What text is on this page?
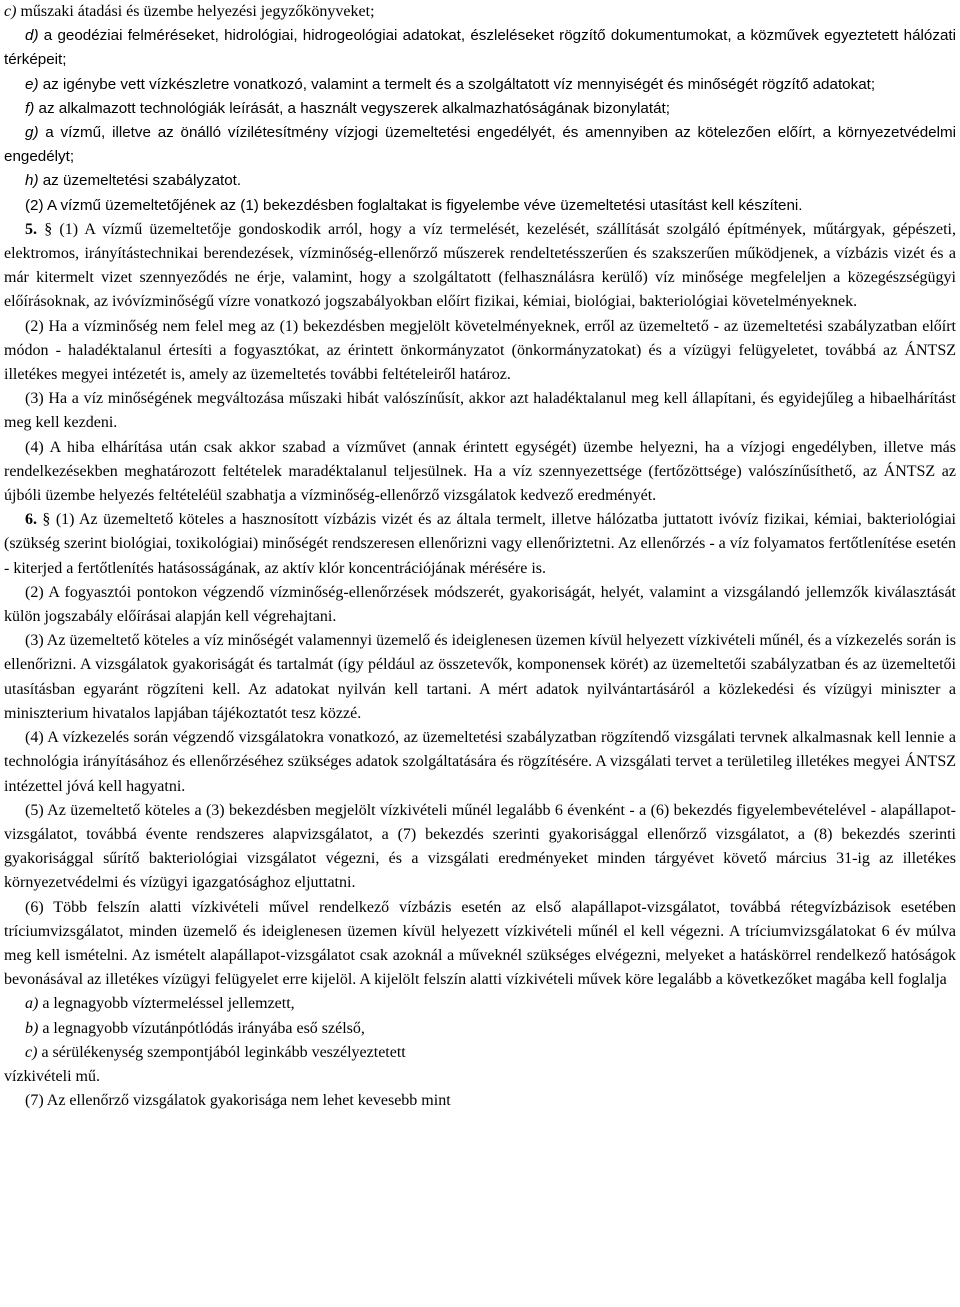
c) műszaki átadási és üzembe helyezési jegyzőkönyveket;

d) a geodéziai felméréseket, hidrológiai, hidrogeológiai adatokat, észleléseket rögzítő dokumentumokat, a közművek egyeztetett hálózati térképeit;

e) az igénybe vett vízkészletre vonatkozó, valamint a termelt és a szolgáltatott víz mennyiségét és minőségét rögzítő adatokat;

f) az alkalmazott technológiák leírását, a használt vegyszerek alkalmazhatóságának bizonylatát;

g) a vízmű, illetve az önálló vízilétesítmény vízjogi üzemeltetési engedélyét, és amennyiben az kötelezően előírt, a környezetvédelmi engedélyt;

h) az üzemeltetési szabályzatot.

(2) A vízmű üzemeltetőjének az (1) bekezdésben foglaltakat is figyelembe véve üzemeltetési utasítást kell készíteni.

5. § (1) A vízmű üzemeltetője gondoskodik arról, hogy a víz termelését, kezelését, szállítását szolgáló építmények, műtárgyak, gépészeti, elektromos, irányítástechnikai berendezések, vízminőség-ellenőrző műszerek rendeltetésszerűen és szakszerűen működjenek, a vízbázis vizét és a már kitermelt vizet szennyeződés ne érje, valamint, hogy a szolgáltatott (felhasználásra kerülő) víz minősége megfeleljen a közegészségügyi előírásoknak, az ivóvízminőségű vízre vonatkozó jogszabályokban előírt fizikai, kémiai, biológiai, bakteriológiai követelményeknek.

(2) Ha a vízminőség nem felel meg az (1) bekezdésben megjelölt követelményeknek, erről az üzemeltető - az üzemeltetési szabályzatban előírt módon - haladéktalanul értesíti a fogyasztókat, az érintett önkormányzatot (önkormányzatokat) és a vízügyi felügyeletet, továbbá az ÁNTSZ illetékes megyei intézetét is, amely az üzemeltetés további feltételeiről határoz.

(3) Ha a víz minőségének megváltozása műszaki hibát valószínűsít, akkor azt haladéktalanul meg kell állapítani, és egyidejűleg a hibaelhárítást meg kell kezdeni.

(4) A hiba elhárítása után csak akkor szabad a vízművet (annak érintett egységét) üzembe helyezni, ha a vízjogi engedélyben, illetve más rendelkezésekben meghatározott feltételek maradéktalanul teljesülnek. Ha a víz szennyezettsége (fertőzöttsége) valószínűsíthető, az ÁNTSZ az újbóli üzembe helyezés feltételéül szabhatja a vízminőség-ellenőrző vizsgálatok kedvező eredményét.

6. § (1) Az üzemeltető köteles a hasznosított vízbázis vizét és az általa termelt, illetve hálózatba juttatott ivóvíz fizikai, kémiai, bakteriológiai (szükség szerint biológiai, toxikológiai) minőségét rendszeresen ellenőrizni vagy ellenőriztetni. Az ellenőrzés - a víz folyamatos fertőtlenítése esetén - kiterjed a fertőtlenítés hatásosságának, az aktív klór koncentrációjának mérésére is.

(2) A fogyasztói pontokon végzendő vízminőség-ellenőrzések módszerét, gyakoriságát, helyét, valamint a vizsgálandó jellemzők kiválasztását külön jogszabály előírásai alapján kell végrehajtani.

(3) Az üzemeltető köteles a víz minőségét valamennyi üzemelő és ideiglenesen üzemen kívül helyezett vízkivételi műnél, és a vízkezelés során is ellenőrizni. A vizsgálatok gyakoriságát és tartalmát (így például az összetevők, komponensek körét) az üzemeltetői szabályzatban és az üzemeltetői utasításban egyaránt rögzíteni kell. Az adatokat nyilván kell tartani. A mért adatok nyilvántartásáról a közlekedési és vízügyi miniszter a miniszterium hivatalos lapjában tájékoztatót tesz közzé.

(4) A vízkezelés során végzendő vizsgálatokra vonatkozó, az üzemeltetési szabályzatban rögzítendő vizsgálati tervnek alkalmasnak kell lennie a technológia irányításához és ellenőrzéséhez szükséges adatok szolgáltatására és rögzítésére. A vizsgálati tervet a területileg illetékes megyei ÁNTSZ intézettel jóvá kell hagyatni.

(5) Az üzemeltető köteles a (3) bekezdésben megjelölt vízkivételi műnél legalább 6 évenként - a (6) bekezdés figyelembevételével - alapállapot-vizsgálatot, továbbá évente rendszeres alapvizsgálatot, a (7) bekezdés szerinti gyakorisággal ellenőrző vizsgálatot, a (8) bekezdés szerinti gyakorisággal sűrítő bakteriológiai vizsgálatot végezni, és a vizsgálati eredményeket minden tárgyévet követő március 31-ig az illetékes környezetvédelmi és vízügyi igazgatósághoz eljuttatni.

(6) Több felszín alatti vízkivételi művel rendelkező vízbázis esetén az első alapállapot-vizsgálatot, továbbá rétegvízbázisok esetében tríciumvizsgálatot, minden üzemelő és ideiglenesen üzemen kívül helyezett vízkivételi műnél el kell végezni. A tríciumvizsgálatokat 6 év múlva meg kell ismételni. Az ismételt alapállapot-vizsgálatot csak azoknál a műveknél szükséges elvégezni, melyeket a hatáskörrel rendelkező hatóságok bevonásával az illetékes vízügyi felügyelet erre kijelöl. A kijelölt felszín alatti vízkivételi művek köre legalább a következőket magába kell foglalja

a) a legnagyobb víztermeléssel jellemzett,

b) a legnagyobb vízutánpótlódás irányába eső szélső,

c) a sérülékenység szempontjából leginkább veszélyeztetett

vízkivételi mű.

(7) Az ellenőrző vizsgálatok gyakorisága nem lehet kevesebb mint
